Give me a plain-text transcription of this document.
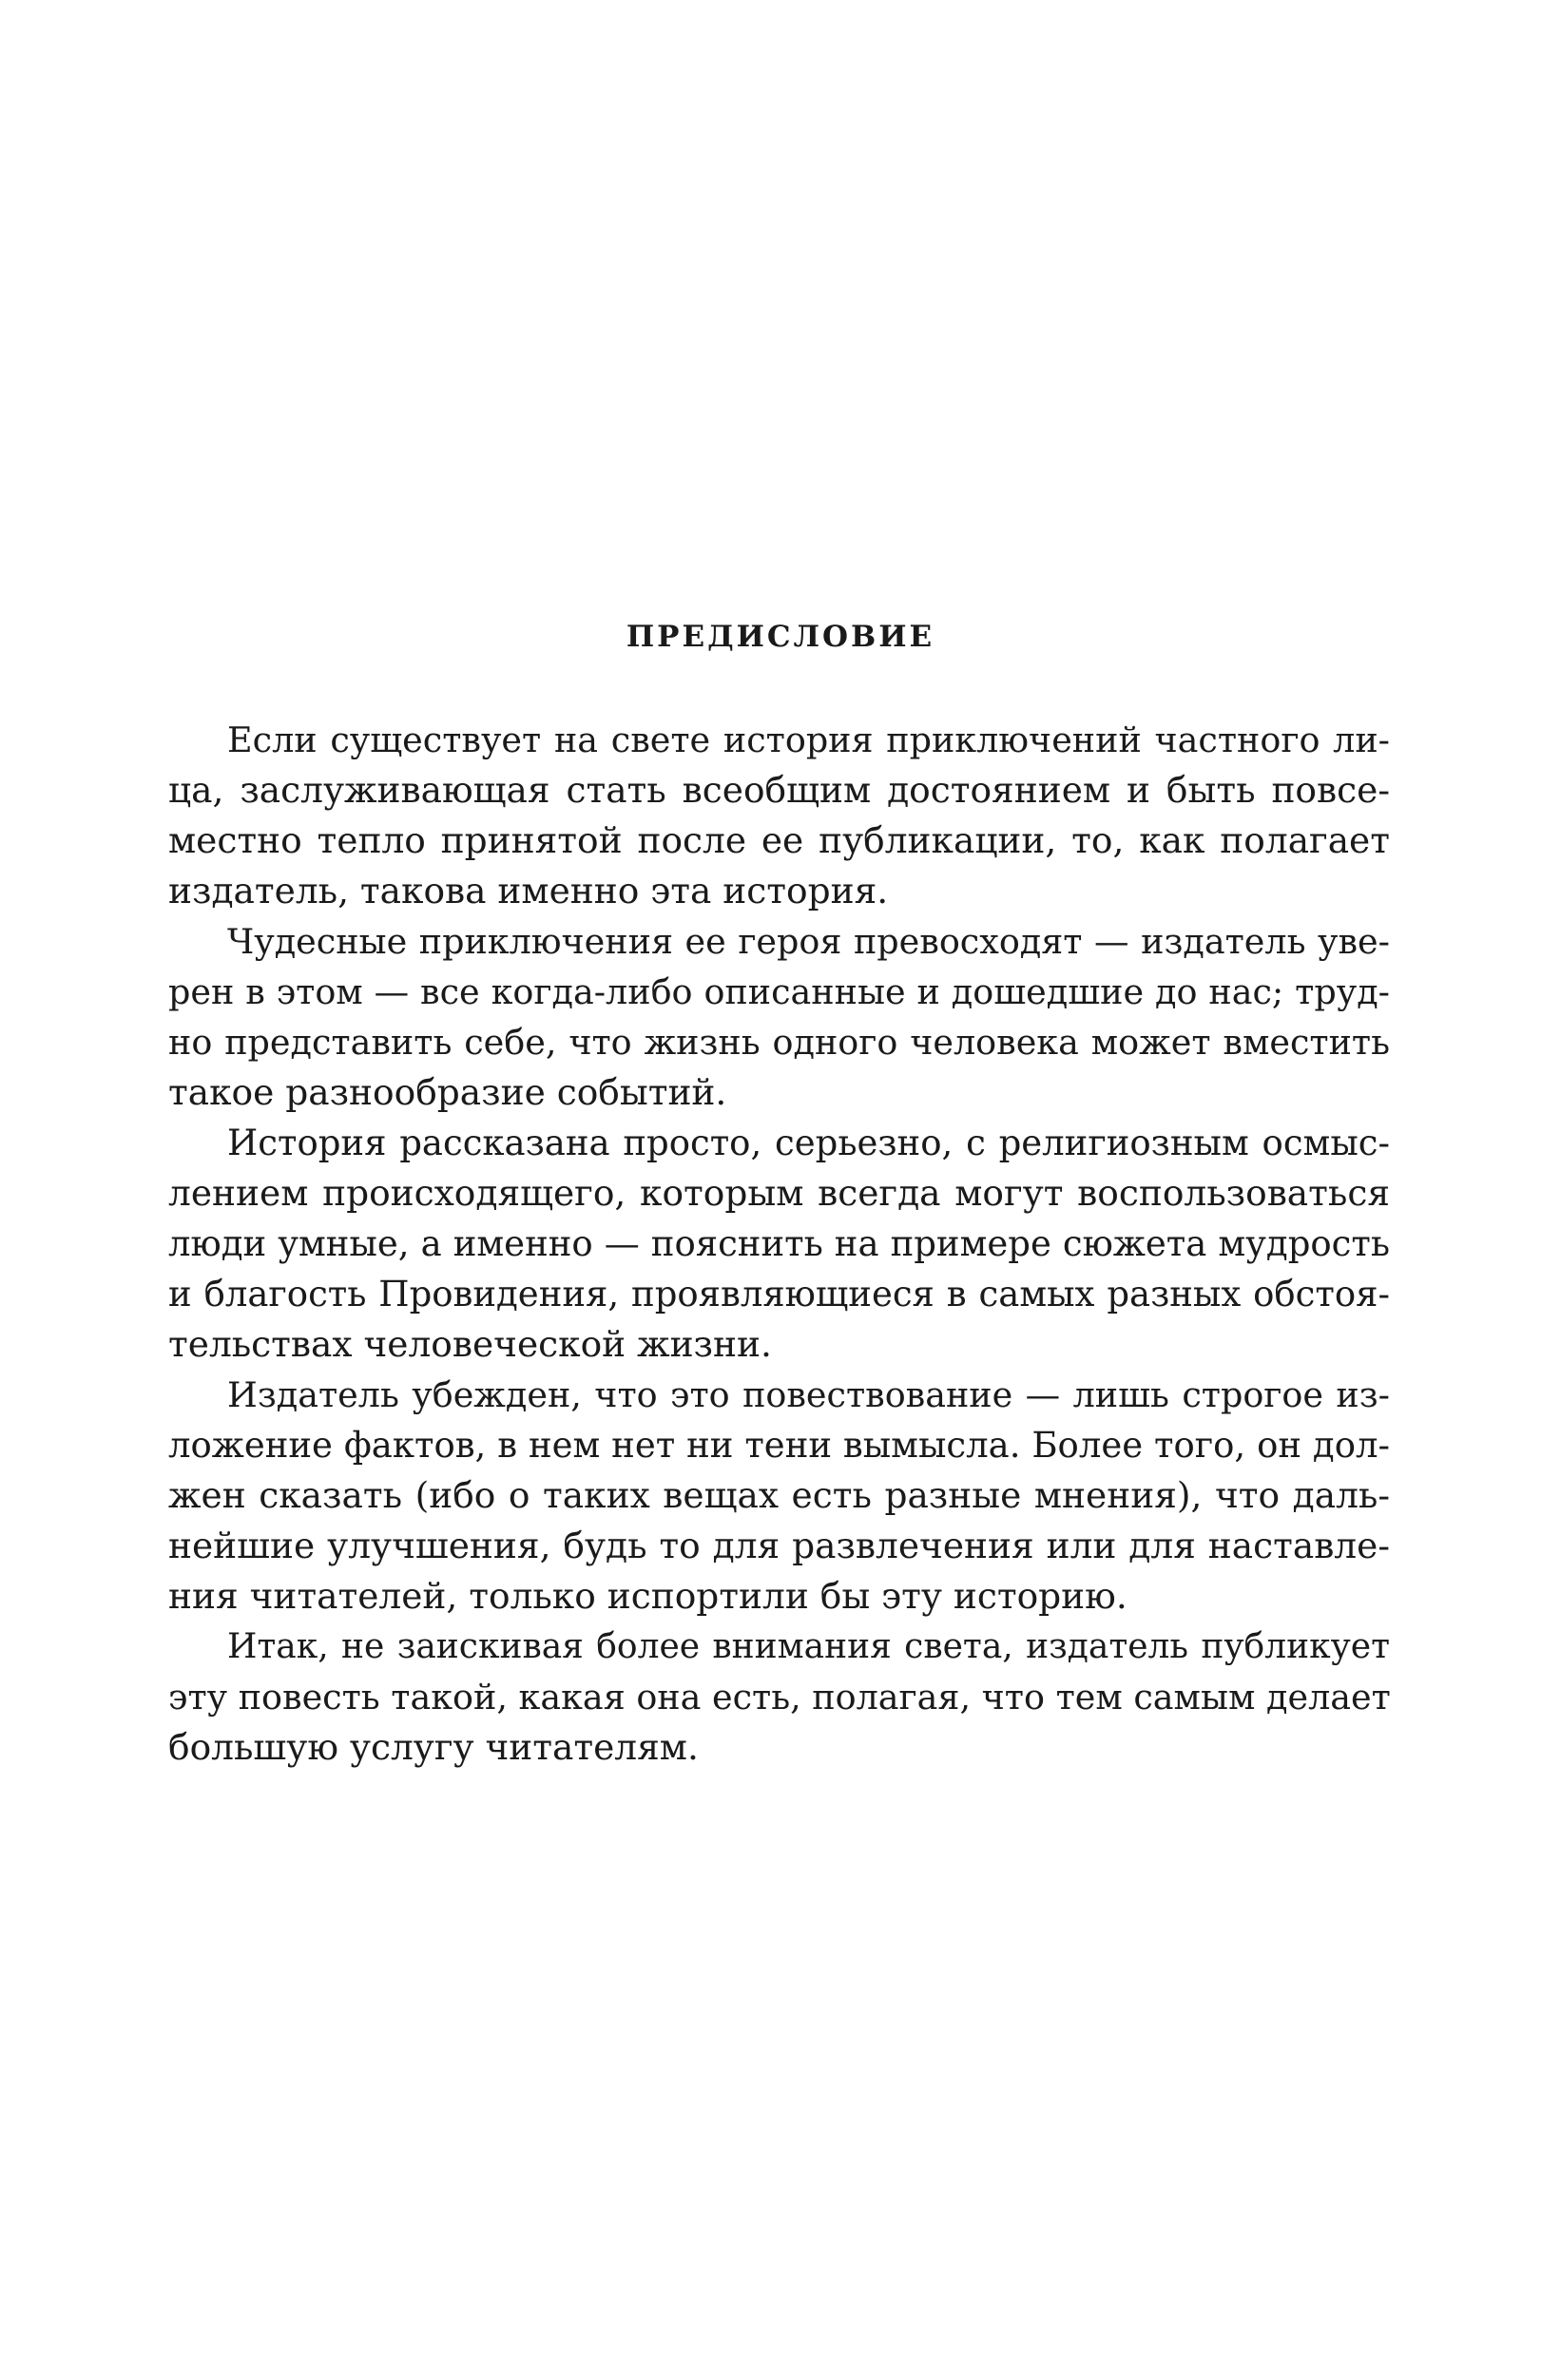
ПРЕДИСЛОВИЕ
Если существует на свете история приключений частного ли-
ца, заслуживающая стать всеобщим достоянием и быть повсе-
местно тепло принятой после ее публикации, то, как полагает
издатель, такова именно эта история.
Чудесные приключения ее героя превосходят — издатель уве-
рен в этом — все когда-либо описанные и дошедшие до нас; труд-
но представить себе, что жизнь одного человека может вместить
такое разнообразие событий.
История рассказана просто, серьезно, с религиозным осмыс-
лением происходящего, которым всегда могут воспользоваться
люди умные, а именно — пояснить на примере сюжета мудрость
и благость Провидения, проявляющиеся в самых разных обстоя-
тельствах человеческой жизни.
Издатель убежден, что это повествование — лишь строгое из-
ложение фактов, в нем нет ни тени вымысла. Более того, он дол-
жен сказать (ибо о таких вещах есть разные мнения), что даль-
нейшие улучшения, будь то для развлечения или для наставле-
ния читателей, только испортили бы эту историю.
Итак, не заискивая более внимания света, издатель публикует
эту повесть такой, какая она есть, полагая, что тем самым делает
большую услугу читателям.
